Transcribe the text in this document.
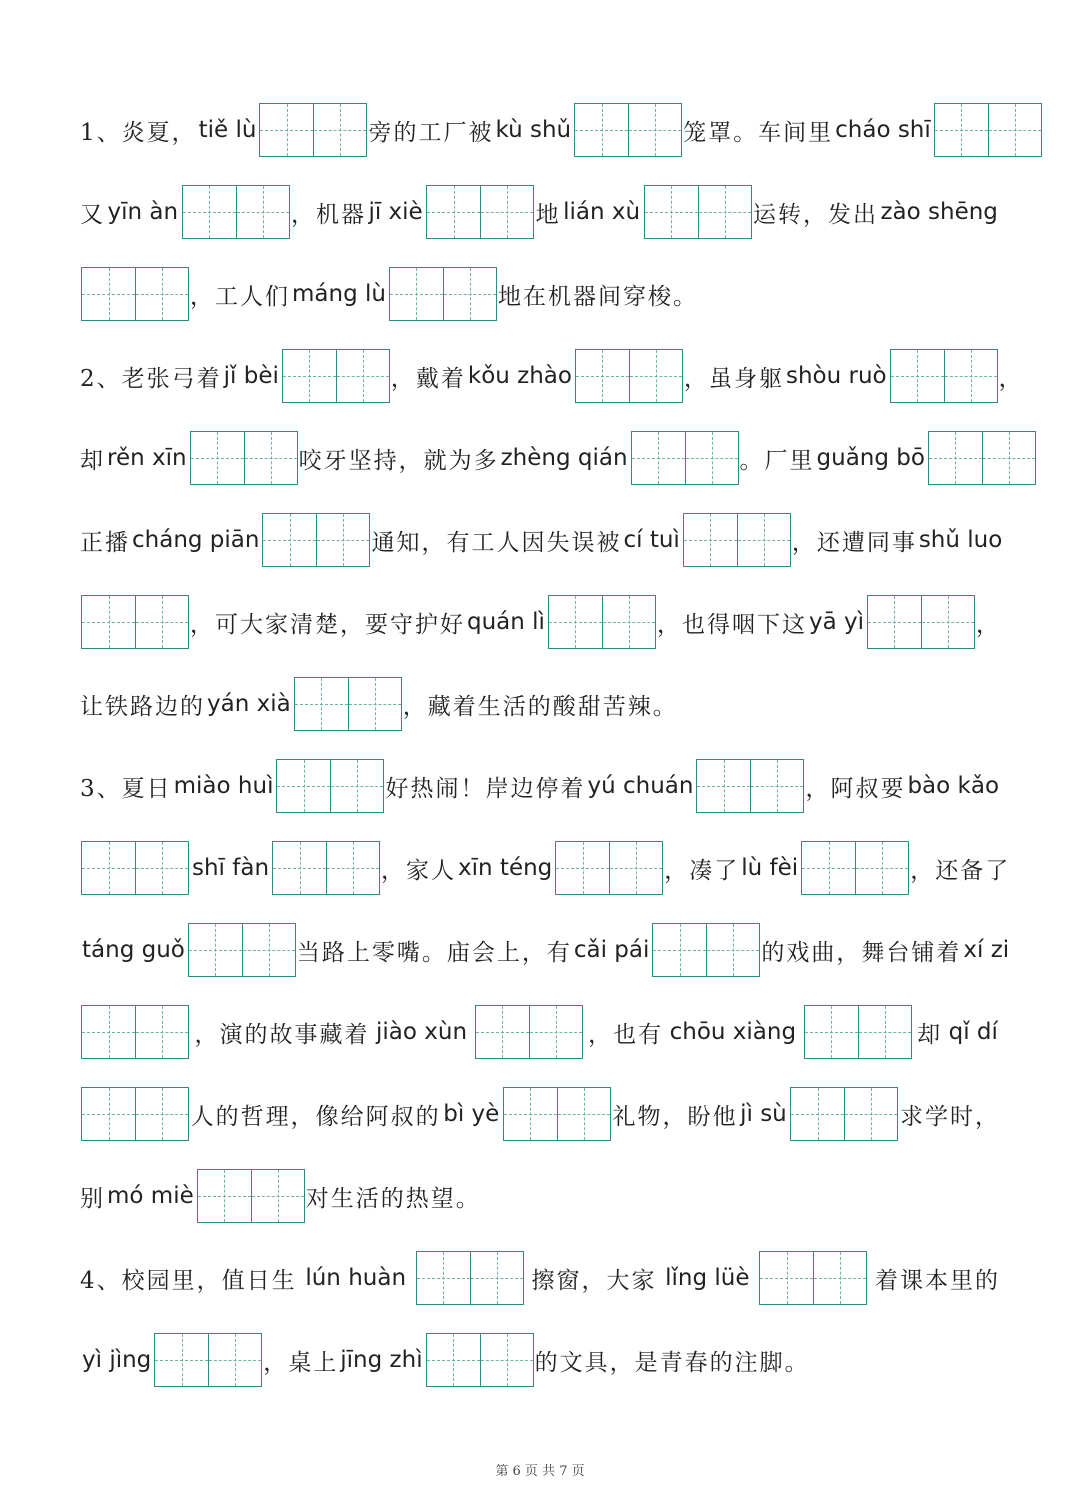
1、炎夏， tiě lù	旁的工厂被 kù shǔ	笼罩。车间里 cháo shī
又 yīn àn	，机器 jī xiè	地 lián xù	运转，发出 zào shēng
，工人们 máng lù	地在机器间穿梭。
2、老张弓着 jǐ bèi	，戴着 kǒu zhào	，虽身躯 shòu ruò	，
却 rěn xīn	咬牙坚持，就为多 zhèng qián	。厂里 guǎng bō
正播 cháng piān	通知，有工人因失误被 cí tuì	，还遭同事 shǔ luo
，可大家清楚，要守护好 quán lì	，也得咽下这 yā yì	，
让铁路边的 yán xià	，藏着生活的酸甜苦辣。
3、夏日 miào huì	好热闹！岸边停着 yú chuán	，阿叔要 bào kǎo
shī fàn	，家人 xīn téng	，凑了 lù fèi	，还备了
táng guǒ	当路上零嘴。庙会上，有 cǎi pái	的戏曲，舞台铺着 xí zi
，演的故事藏着 jiào xùn	，也有 chōu xiàng	却 qǐ dí
人的哲理，像给阿叔的 bì yè	礼物，盼他 jì sù	求学时，
别 mó miè	对生活的热望。
4、校园里，值日生 lún huàn	擦窗，大家 lǐng lüè	着课本里的
yì jìng	，桌上 jīng zhì	的文具，是青春的注脚。
第 6 页 共 7 页
